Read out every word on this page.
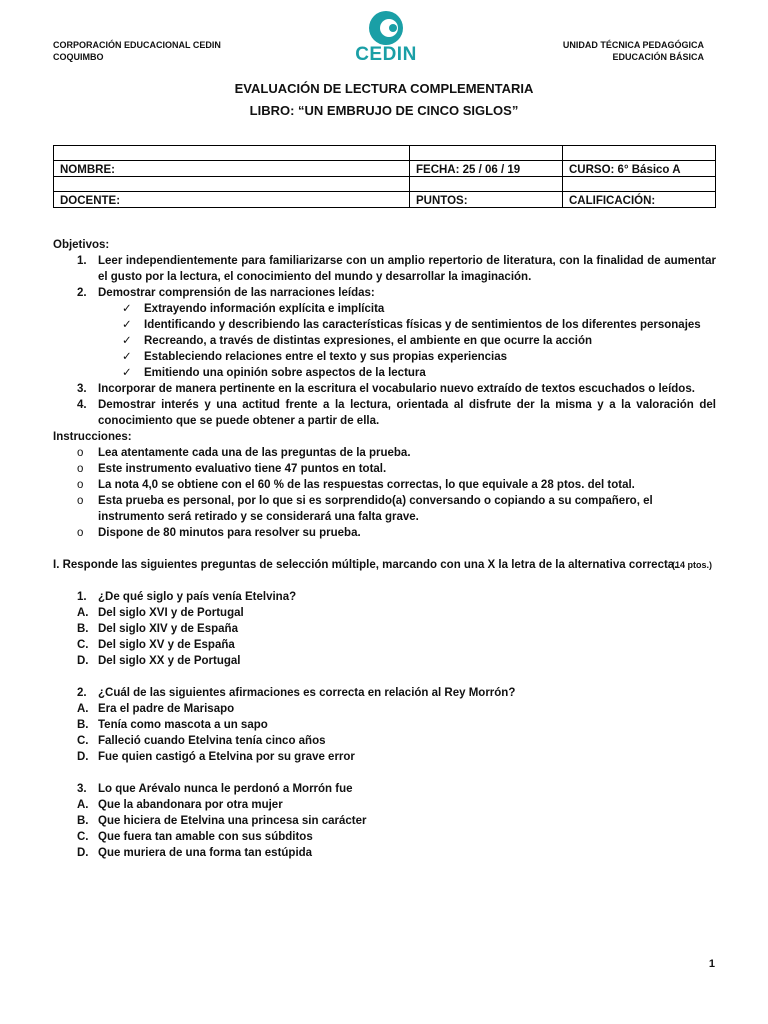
CORPORACIÓN EDUCACIONAL CEDIN
COQUIMBO	CEDIN	UNIDAD TÉCNICA PEDAGÓGICA
EDUCACIÓN BÁSICA
EVALUACIÓN DE LECTURA COMPLEMENTARIA
LIBRO: “UN EMBRUJO DE CINCO SIGLOS”

NOMBRE:	FECHA: 25 / 06 / 19	CURSO: 6° Básico A

DOCENTE:	PUNTOS:	CALIFICACIÓN:
Objetivos:
1. Leer independientemente para familiarizarse con un amplio repertorio de literatura, con la finalidad de aumentar el gusto por la lectura, el conocimiento del mundo y desarrollar la imaginación.
2. Demostrar comprensión de las narraciones leídas:
✓ Extrayendo información explícita e implícita
✓ Identificando y describiendo las características físicas y de sentimientos de los diferentes personajes
✓ Recreando, a través de distintas expresiones, el ambiente en que ocurre la acción
✓ Estableciendo relaciones entre el texto y sus propias experiencias
✓ Emitiendo una opinión sobre aspectos de la lectura
3. Incorporar de manera pertinente en la escritura el vocabulario nuevo extraído de textos escuchados o leídos.
4. Demostrar interés y una actitud frente a la lectura, orientada al disfrute der la misma y a la valoración del conocimiento que se puede obtener a partir de ella.
Instrucciones:
o Lea atentamente cada una de las preguntas de la prueba.
o Este instrumento evaluativo tiene 47 puntos en total.
o La nota 4,0 se obtiene con el 60 % de las respuestas correctas, lo que equivale a 28 ptos. del total.
o Esta prueba es personal, por lo que si es sorprendido(a) conversando o copiando a su compañero, el instrumento será retirado y se considerará una falta grave.
o Dispone de 80 minutos para resolver su prueba.
I. Responde las siguientes preguntas de selección múltiple, marcando con una X la letra de la alternativa correcta.
(14 ptos.)
1. ¿De qué siglo y país venía Etelvina?
A. Del siglo XVI y de Portugal
B. Del siglo XIV y de España
C. Del siglo XV y de España
D. Del siglo XX y de Portugal
2. ¿Cuál de las siguientes afirmaciones es correcta en relación al Rey Morrón?
A. Era el padre de Marisapo
B. Tenía como mascota a un sapo
C. Falleció cuando Etelvina tenía cinco años
D. Fue quien castigó a Etelvina por su grave error
3. Lo que Arévalo nunca le perdonó a Morrón fue
A. Que la abandonara por otra mujer
B. Que hiciera de Etelvina una princesa sin carácter
C. Que fuera tan amable con sus súbditos
D. Que muriera de una forma tan estúpida
1
